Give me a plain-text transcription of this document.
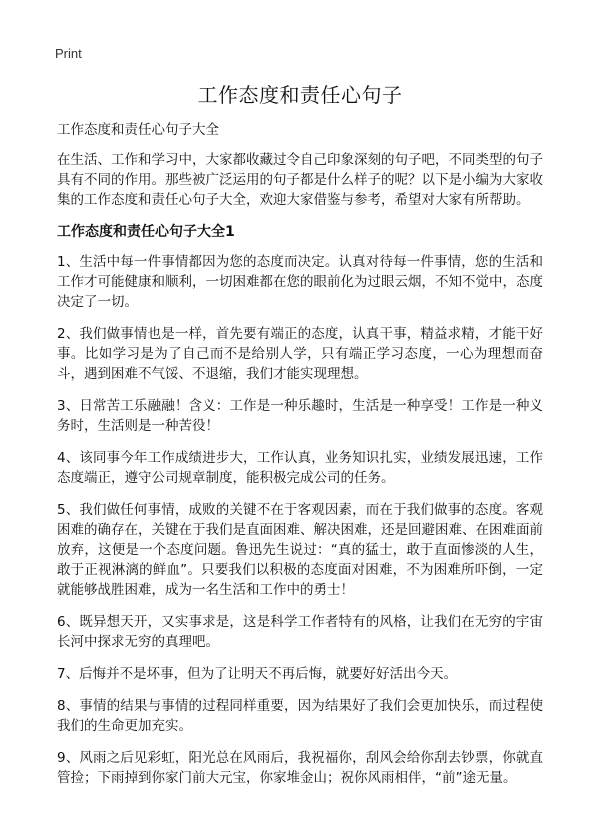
Print
工作态度和责任心句子
工作态度和责任心句子大全

在生活、工作和学习中，大家都收藏过令自己印象深刻的句子吧，不同类型的句子具有不同的作用。那些被广泛运用的句子都是什么样子的呢？以下是小编为大家收集的工作态度和责任心句子大全，欢迎大家借鉴与参考，希望对大家有所帮助。

工作态度和责任心句子大全1

1、生活中每一件事情都因为您的态度而决定。认真对待每一件事情，您的生活和工作才可能健康和顺利，一切困难都在您的眼前化为过眼云烟，不知不觉中，态度决定了一切。

2、我们做事情也是一样，首先要有端正的态度，认真干事，精益求精，才能干好事。比如学习是为了自己而不是给别人学，只有端正学习态度，一心为理想而奋斗，遇到困难不气馁、不退缩，我们才能实现理想。

3、日常苦工乐融融！含义：工作是一种乐趣时，生活是一种享受！工作是一种义务时，生活则是一种苦役！

4、该同事今年工作成绩进步大，工作认真，业务知识扎实，业绩发展迅速，工作态度端正，遵守公司规章制度，能积极完成公司的任务。

5、我们做任何事情，成败的关键不在于客观因素，而在于我们做事的态度。客观困难的确存在，关键在于我们是直面困难、解决困难，还是回避困难、在困难面前放弃，这便是一个态度问题。鲁迅先生说过：“真的猛士，敢于直面惨淡的人生，敢于正视淋漓的鲜血”。只要我们以积极的态度面对困难，不为困难所吓倒，一定就能够战胜困难，成为一名生活和工作中的勇士！

6、既异想天开，又实事求是，这是科学工作者特有的风格，让我们在无穷的宇宙长河中探求无穷的真理吧。

7、后悔并不是坏事，但为了让明天不再后悔，就要好好活出今天。

8、事情的结果与事情的过程同样重要，因为结果好了我们会更加快乐，而过程使我们的生命更加充实。

9、风雨之后见彩虹，阳光总在风雨后，我祝福你，刮风会给你刮去钞票，你就直管捡；下雨掉到你家门前大元宝，你家堆金山；祝你风雨相伴，“前”途无量。
